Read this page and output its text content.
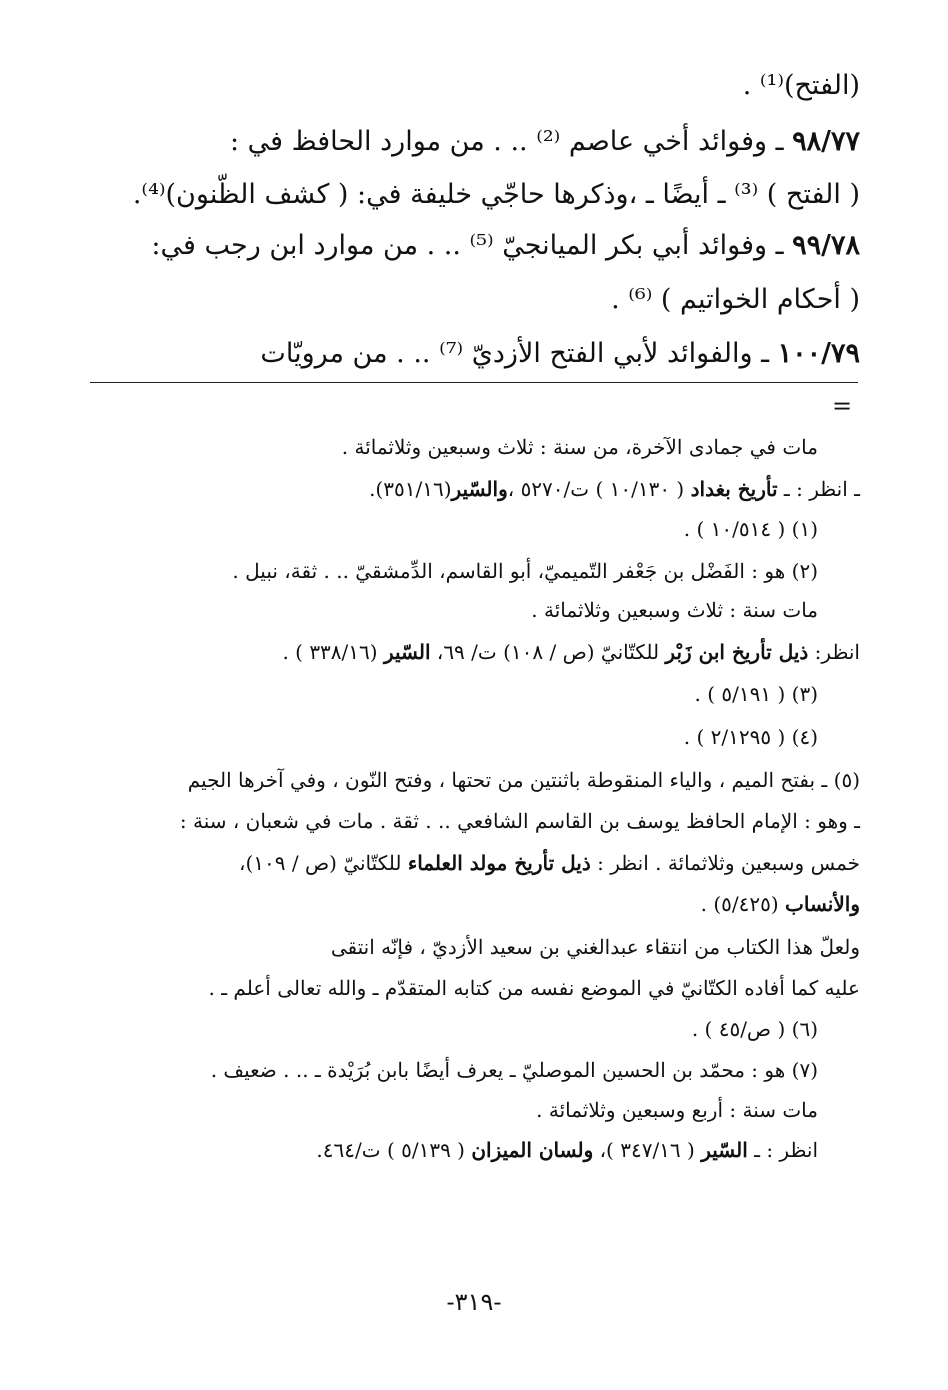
(الفتح)⁽¹⁾ .
٩٨/٧٧ ـ وفوائد أخي عاصم ⁽²⁾ .. . من موارد الحافظ في :
( الفتح ) ⁽³⁾ ـ أيضًا ـ ،وذكرها حاجّي خليفة في: ( كشف الظّنون)⁽⁴⁾.
٩٩/٧٨ ـ وفوائد أبي بكر الميانجيّ ⁽⁵⁾ .. . من موارد ابن رجب في:
( أحكام الخواتيم ) ⁽⁶⁾ .
١٠٠/٧٩ ـ والفوائد لأبي الفتح الأزديّ ⁽⁷⁾ .. . من مرويّات
=
مات في جمادى الآخرة، من سنة : ثلاث وسبعين وثلاثمائة .
ـ انظر : ـ تأريخ بغداد ( ١٠/١٣٠ ) ت/٥٢٧٠ ،والسّير(٣٥١/١٦).
(١) ( ١٠/٥١٤ ) .
(٢) هو : الفَضْل بن جَعْفر التّميميّ، أبو القاسم، الدِّمشقيّ .. . ثقة، نبيل .
مات سنة : ثلاث وسبعين وثلاثمائة .
انظر: ذيل تأريخ ابن زَبْر للكتّانيّ (ص / ١٠٨) ت/ ٦٩، السّير (٣٣٨/١٦ ) .
(٣) ( ٥/١٩١ ) .
(٤) ( ٢/١٢٩٥ ) .
(٥) ـ بفتح الميم ، والياء المنقوطة باثنتين من تحتها ، وفتح النّون ، وفي آخرها الجيم
ـ وهو : الإمام الحافظ يوسف بن القاسم الشافعي .. . ثقة . مات في شعبان ، سنة :
خمس وسبعين وثلاثمائة . انظر : ذيل تأريخ مولد العلماء للكتّانيّ (ص / ١٠٩)،
والأنساب (٥/٤٢٥) .
ولعلّ هذا الكتاب من انتقاء عبدالغني بن سعيد الأزديّ ، فإنّه انتقى
عليه كما أفاده الكتّانيّ في الموضع نفسه من كتابه المتقدّم ـ والله تعالى أعلم ـ .
(٦) ( ص/٤٥ ) .
(٧) هو : محمّد بن الحسين الموصليّ ـ يعرف أيضًا بابن بُرَيْدة ـ .. . ضعيف .
مات سنة : أربع وسبعين وثلاثمائة .
انظر : ـ السّير ( ٣٤٧/١٦ )، ولسان الميزان ( ٥/١٣٩ ) ت/٤٦٤.
-٣١٩-
